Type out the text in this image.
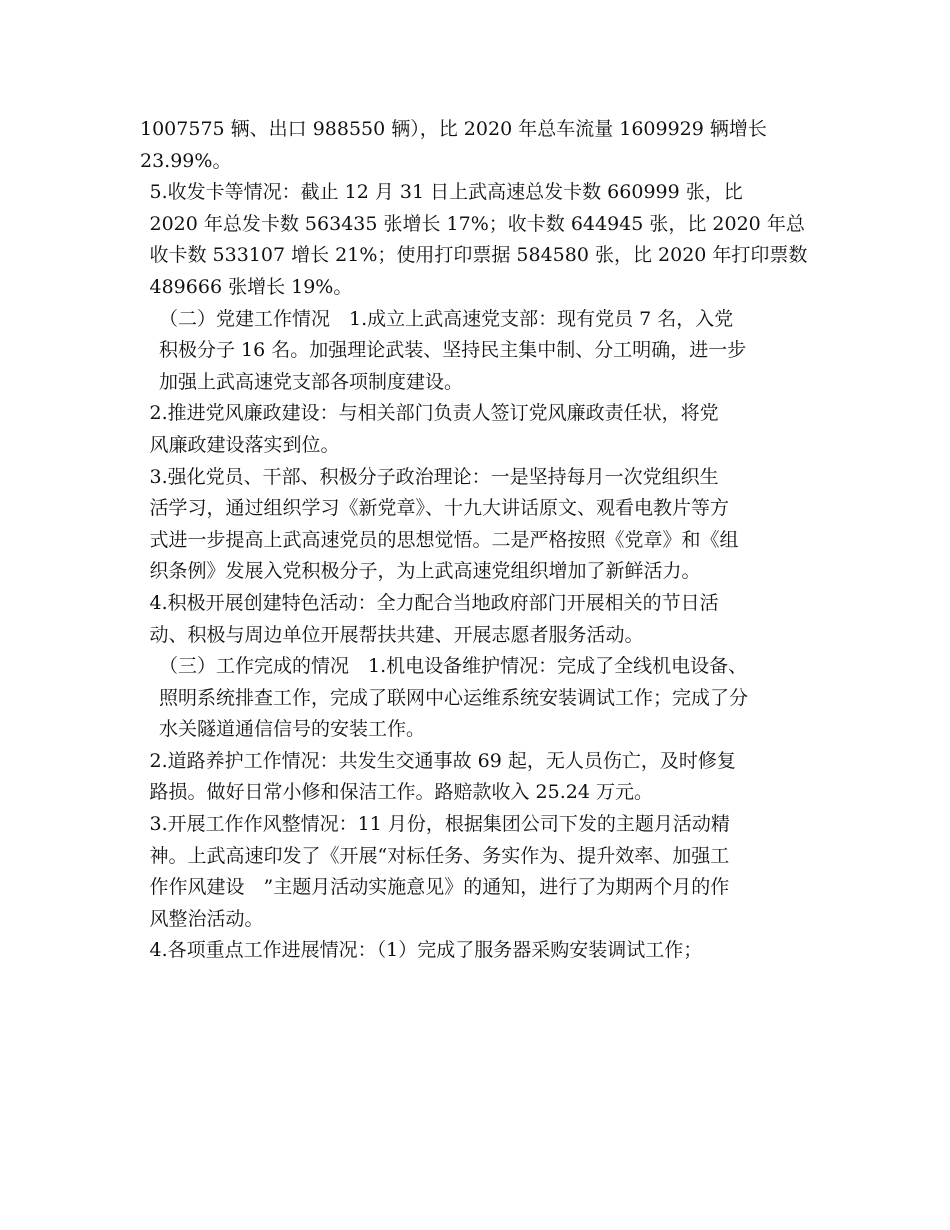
1007575 辆、出口 988550 辆），比 2020 年总车流量 1609929 辆增长
23.99%。

5.收发卡等情况：截止 12 月 31 日上武高速总发卡数 660999 张，比
2020 年总发卡数 563435 张增长 17%；收卡数 644945 张，比 2020 年总
收卡数 533107 增长 21%；使用打印票据 584580 张，比 2020 年打印票数
489666 张增长 19%。

（二）党建工作情况　1.成立上武高速党支部：现有党员 7 名，入党
积极分子 16 名。加强理论武装、坚持民主集中制、分工明确，进一步
加强上武高速党支部各项制度建设。

2.推进党风廉政建设：与相关部门负责人签订党风廉政责任状，将党
风廉政建设落实到位。

3.强化党员、干部、积极分子政治理论：一是坚持每月一次党组织生
活学习，通过组织学习《新党章》、十九大讲话原文、观看电教片等方
式进一步提高上武高速党员的思想觉悟。二是严格按照《党章》和《组
织条例》发展入党积极分子，为上武高速党组织增加了新鲜活力。

4.积极开展创建特色活动：全力配合当地政府部门开展相关的节日活
动、积极与周边单位开展帮扶共建、开展志愿者服务活动。

（三）工作完成的情况　1.机电设备维护情况：完成了全线机电设备、
照明系统排查工作，完成了联网中心运维系统安装调试工作；完成了分
水关隧道通信信号的安装工作。

2.道路养护工作情况：共发生交通事故 69 起，无人员伤亡，及时修复
路损。做好日常小修和保洁工作。路赔款收入 25.24 万元。

3.开展工作作风整情况：11 月份，根据集团公司下发的主题月活动精
神。上武高速印发了《开展“对标任务、务实作为、提升效率、加强工
作作风建设　”主题月活动实施意见》的通知，进行了为期两个月的作
风整治活动。

4.各项重点工作进展情况：（1）完成了服务器采购安装调试工作；
